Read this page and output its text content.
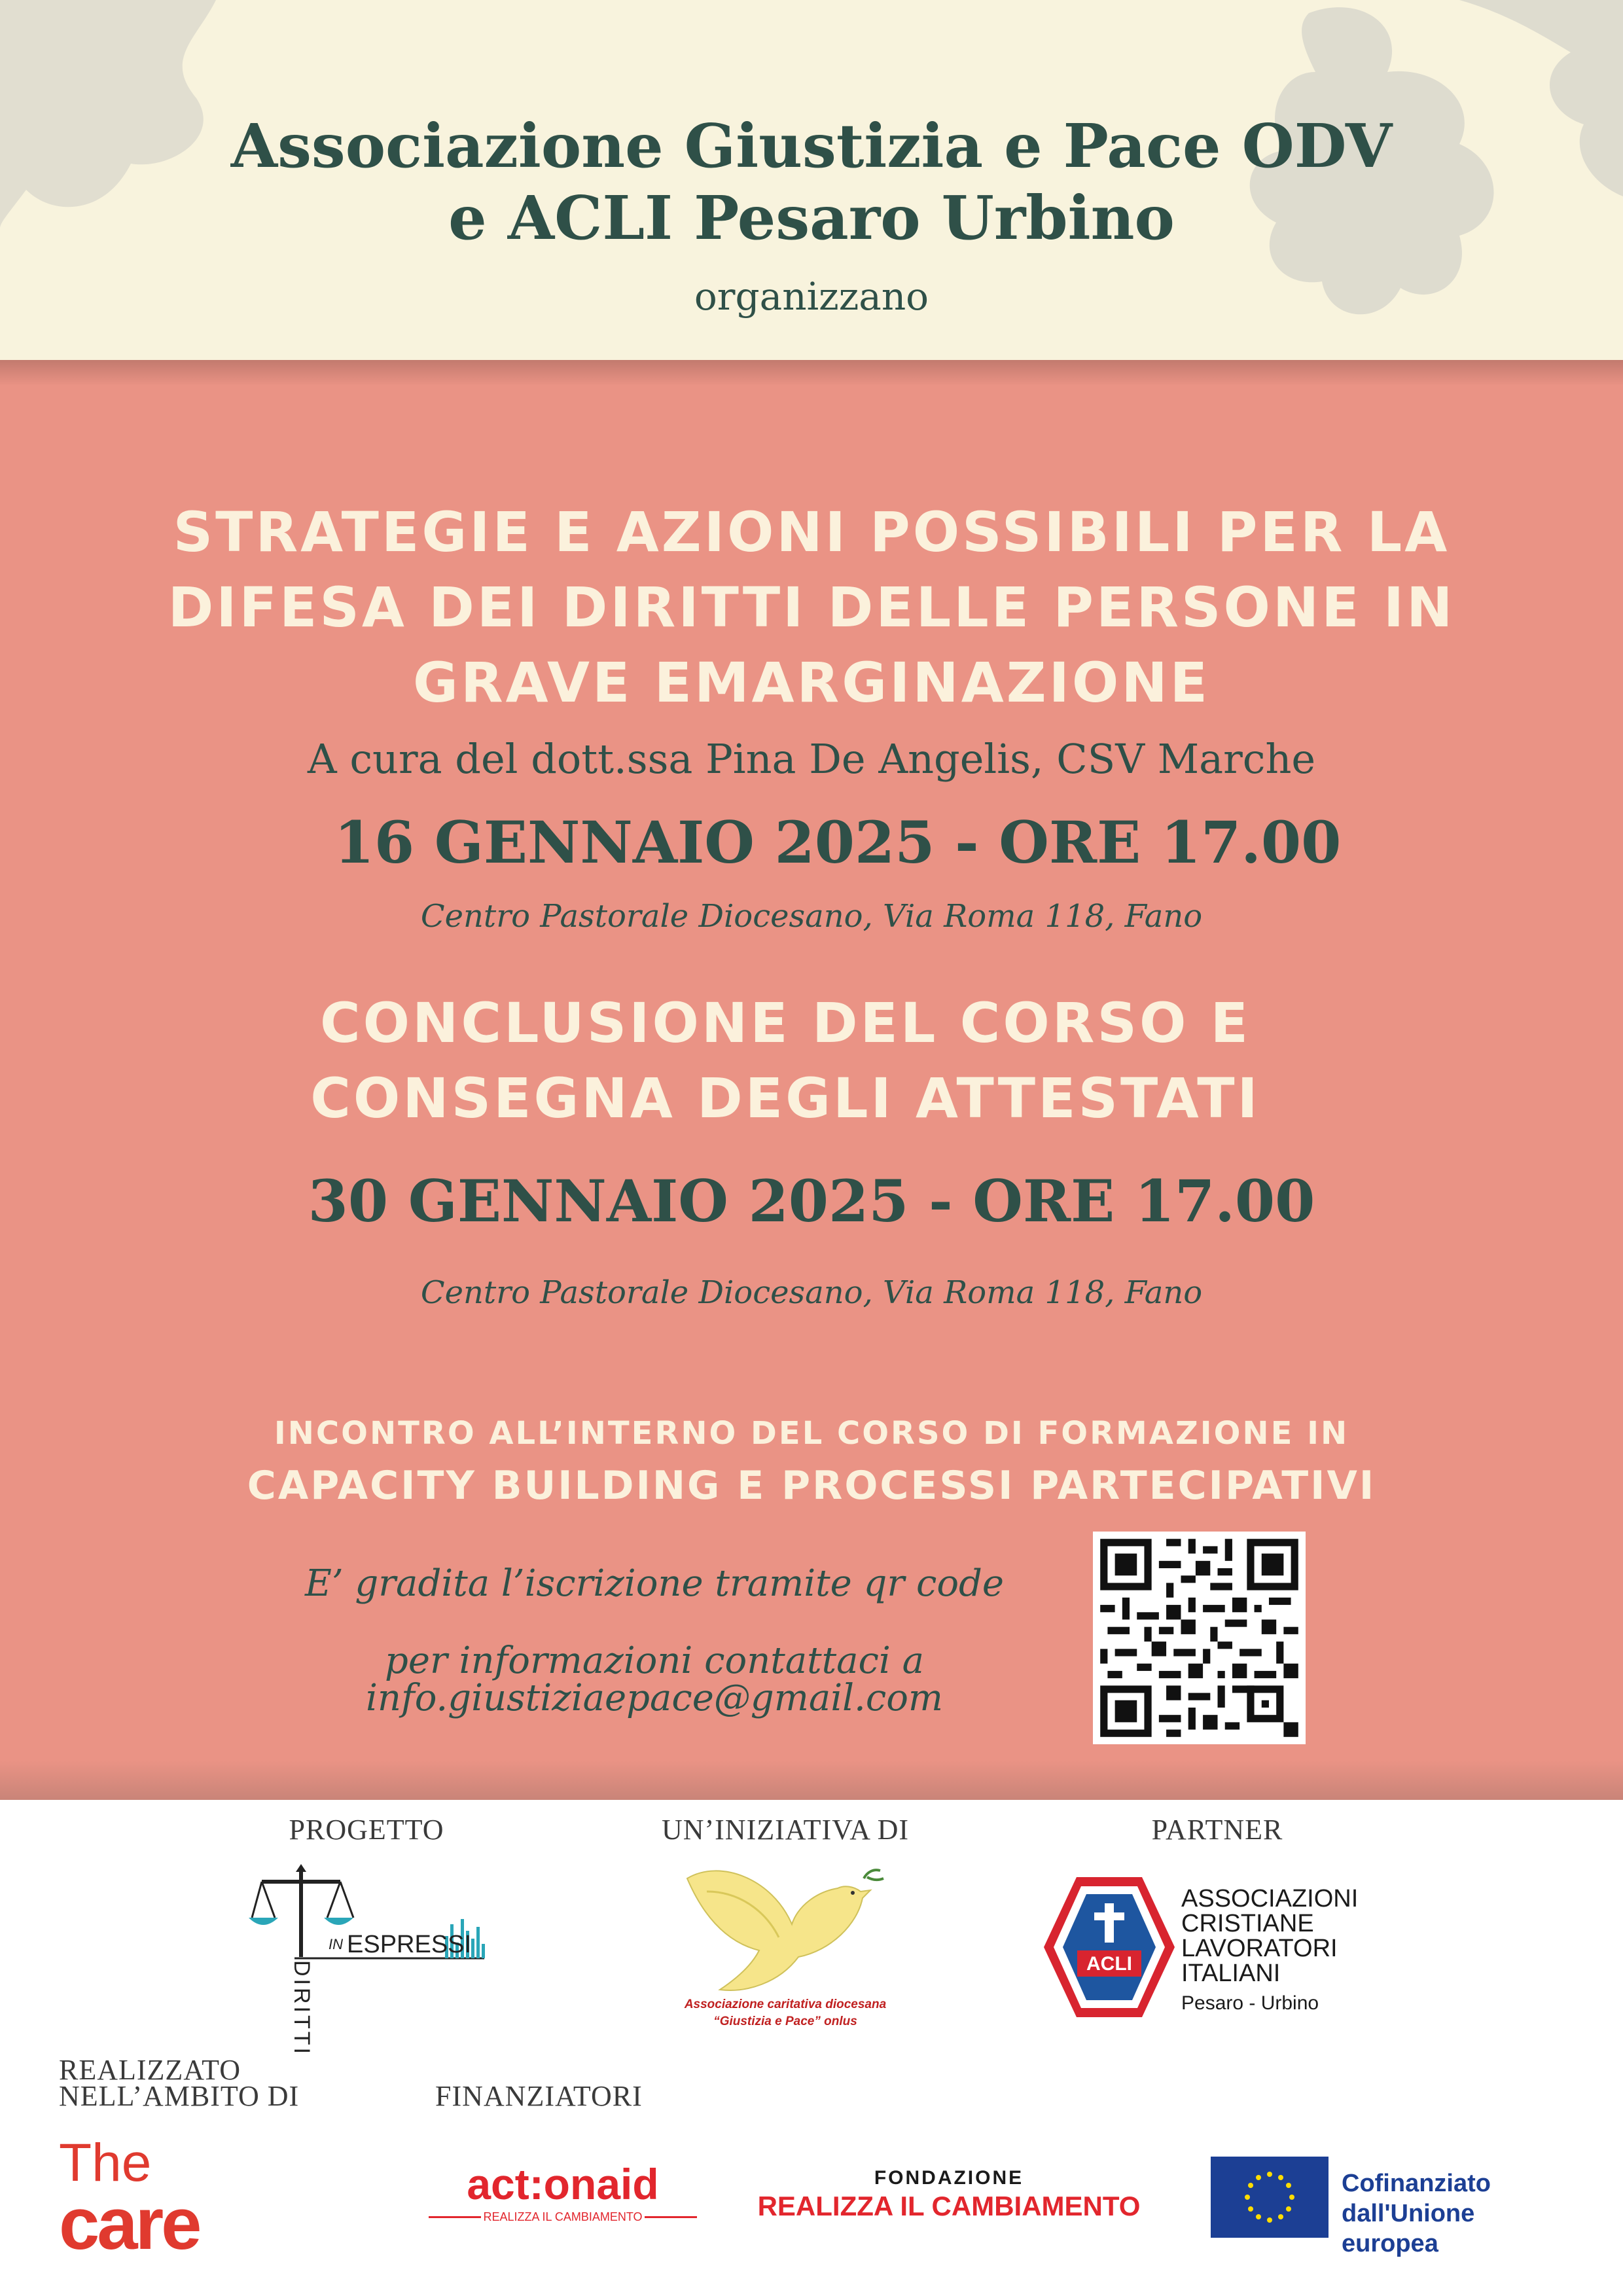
Associazione Giustizia e Pace ODV
e ACLI Pesaro Urbino
organizzano
STRATEGIE E AZIONI POSSIBILI PER LA
DIFESA DEI DIRITTI DELLE PERSONE IN
GRAVE EMARGINAZIONE
A cura del dott.ssa Pina De Angelis, CSV Marche
16 GENNAIO 2025 - ORE 17.00
Centro Pastorale Diocesano, Via Roma 118, Fano
CONCLUSIONE DEL CORSO E
CONSEGNA DEGLI ATTESTATI
30 GENNAIO 2025 - ORE 17.00
Centro Pastorale Diocesano, Via Roma 118, Fano
INCONTRO ALL’INTERNO DEL CORSO DI FORMAZIONE IN
CAPACITY BUILDING E PROCESSI PARTECIPATIVI
E’ gradita l’iscrizione tramite qr code
per informazioni contattaci a
info.giustiziaepace@gmail.com
PROGETTO	UN’INIZIATIVA DI	PARTNER
DIRITTI
IN ESPRESSI
Associazione caritativa diocesana
“Giustizia e Pace” onlus
ACLI
ASSOCIAZIONI
CRISTIANE
LAVORATORI
ITALIANI
Pesaro - Urbino
REALIZZATO
NELL’AMBITO DI	FINANZIATORI
The
care	act:onaid
REALIZZA IL CAMBIAMENTO
FONDAZIONE
REALIZZA IL CAMBIAMENTO
Cofinanziato
dall'Unione europea
